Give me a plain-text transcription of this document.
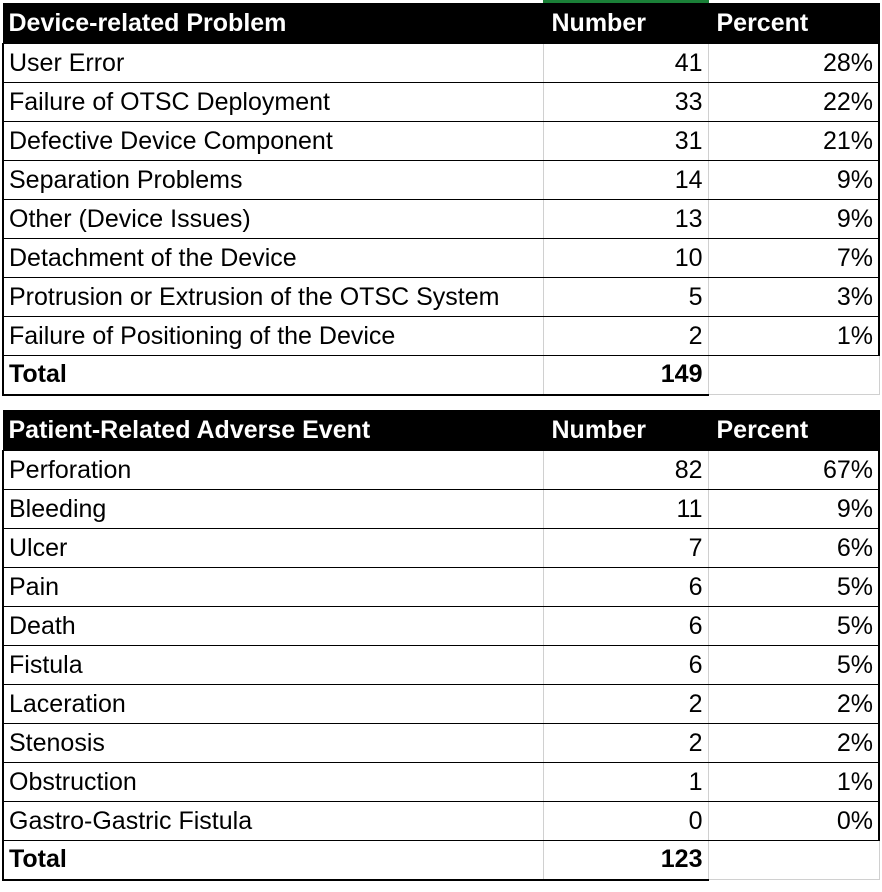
Device-related Problem	Number	Percent
User Error	41	28%
Failure of OTSC Deployment	33	22%
Defective Device Component	31	21%
Separation Problems	14	9%
Other (Device Issues)	13	9%
Detachment of the Device	10	7%
Protrusion or Extrusion of the OTSC System	5	3%
Failure of Positioning of the Device	2	1%
Total	149	
Patient-Related Adverse Event	Number	Percent
Perforation	82	67%
Bleeding	11	9%
Ulcer	7	6%
Pain	6	5%
Death	6	5%
Fistula	6	5%
Laceration	2	2%
Stenosis	2	2%
Obstruction	1	1%
Gastro-Gastric Fistula	0	0%
Total	123	
